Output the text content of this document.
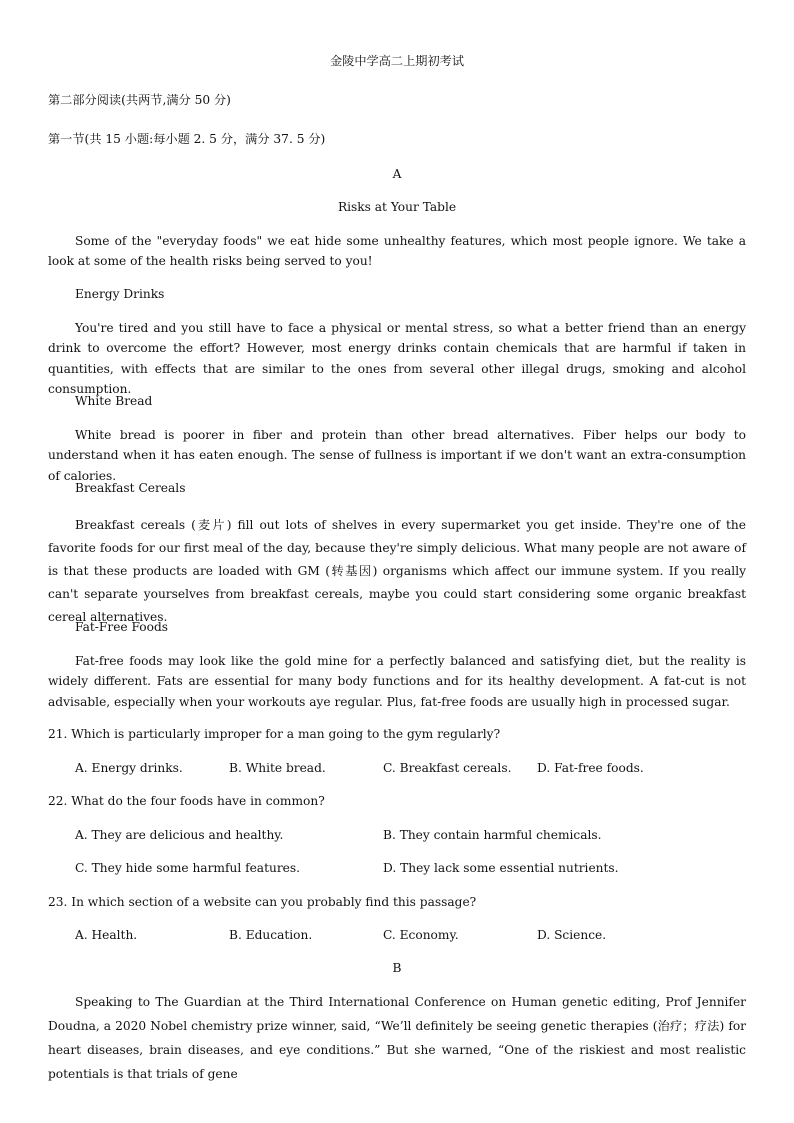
金陵中学高二上期初考试
第二部分阅读(共两节,满分 50 分)
第一节(共 15 小题:每小题 2. 5 分，满分 37. 5 分)
A
Risks at Your Table
Some of the "everyday foods" we eat hide some unhealthy features, which most people ignore. We take a look at some of the health risks being served to you!
Energy Drinks
You're tired and you still have to face a physical or mental stress, so what a better friend than an energy drink to overcome the effort? However, most energy drinks contain chemicals that are harmful if taken in quantities, with effects that are similar to the ones from several other illegal drugs, smoking and alcohol consumption.
White Bread
White bread is poorer in fiber and protein than other bread alternatives. Fiber helps our body to understand when it has eaten enough. The sense of fullness is important if we don't want an extra-consumption of calories.
Breakfast Cereals
Breakfast cereals (麦片) fill out lots of shelves in every supermarket you get inside. They're one of the favorite foods for our first meal of the day, because they're simply delicious. What many people are not aware of is that these products are loaded with GM (转基因) organisms which affect our immune system. If you really can't separate yourselves from breakfast cereals, maybe you could start considering some organic breakfast cereal alternatives.
Fat-Free Foods
Fat-free foods may look like the gold mine for a perfectly balanced and satisfying diet, but the reality is widely different. Fats are essential for many body functions and for its healthy development. A fat-cut is not advisable, especially when your workouts aye regular. Plus, fat-free foods are usually high in processed sugar.
21. Which is particularly improper for a man going to the gym regularly?
A. Energy drinks.	B. White bread.	C. Breakfast cereals. D. Fat-free foods.
22. What do the four foods have in common?
A. They are delicious and healthy.	B. They contain harmful chemicals.
C. They hide some harmful features.	D. They lack some essential nutrients.
23. In which section of a website can you probably find this passage?
A. Health.	B. Education.	C. Economy.	D. Science.
B
Speaking to The Guardian at the Third International Conference on Human genetic editing, Prof Jennifer Doudna, a 2020 Nobel chemistry prize winner, said, “We’ll definitely be seeing genetic therapies (治疗；疗法) for heart diseases, brain diseases, and eye conditions.” But she warned, “One of the riskiest and most realistic potentials is that trials of gene
